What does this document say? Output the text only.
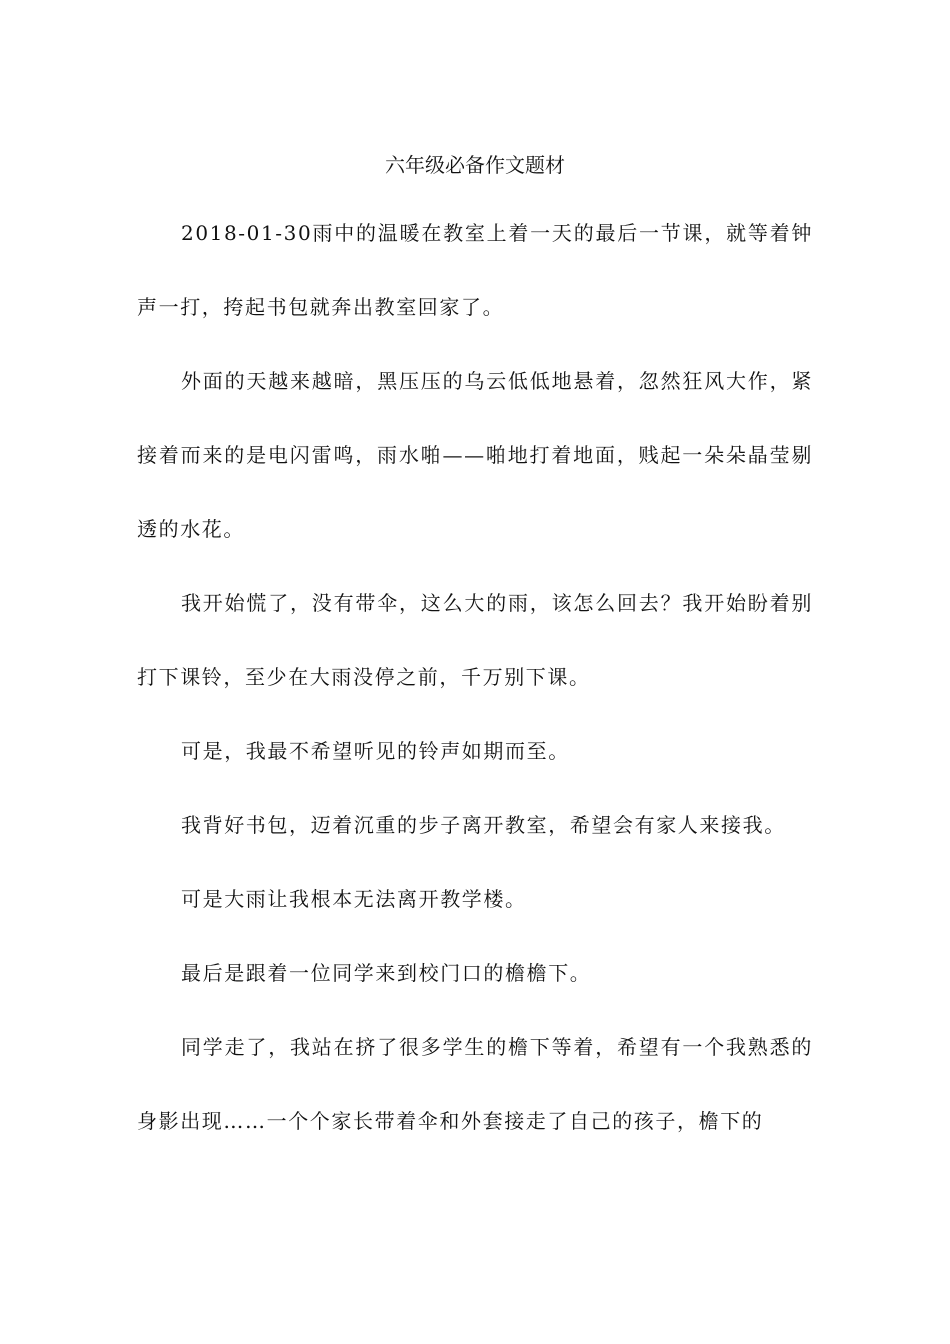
六年级必备作文题材

2018-01-30雨中的温暖在教室上着一天的最后一节课，就等着钟声一打，挎起书包就奔出教室回家了。

外面的天越来越暗，黑压压的乌云低低地悬着，忽然狂风大作，紧接着而来的是电闪雷鸣，雨水啪——啪地打着地面，贱起一朵朵晶莹剔透的水花。

我开始慌了，没有带伞，这么大的雨，该怎么回去？我开始盼着别打下课铃，至少在大雨没停之前，千万别下课。

可是，我最不希望听见的铃声如期而至。

我背好书包，迈着沉重的步子离开教室，希望会有家人来接我。

可是大雨让我根本无法离开教学楼。

最后是跟着一位同学来到校门口的檐檐下。

同学走了，我站在挤了很多学生的檐下等着，希望有一个我熟悉的身影出现……一个个家长带着伞和外套接走了自己的孩子，檐下的
